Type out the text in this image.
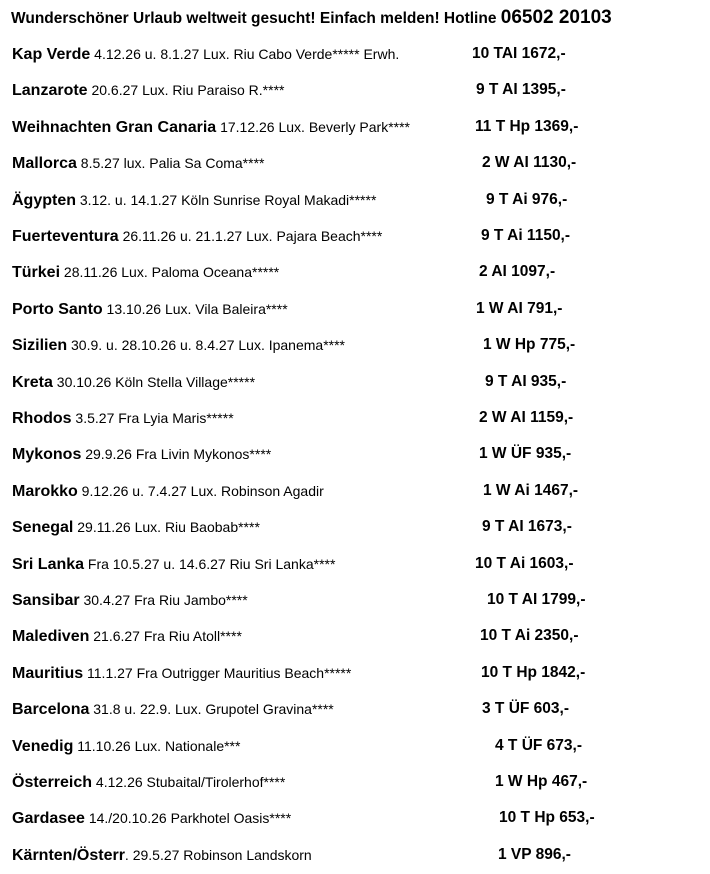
Wunderschöner Urlaub weltweit gesucht! Einfach melden! Hotline 06502 20103
Kap Verde 4.12.26 u. 8.1.27 Lux. Riu Cabo Verde***** Erwh.	10 TAI 1672,-
Lanzarote 20.6.27 Lux. Riu Paraiso R.****	9 T AI 1395,-
Weihnachten Gran Canaria 17.12.26 Lux. Beverly Park****	11 T Hp 1369,-
Mallorca 8.5.27 lux. Palia Sa Coma****	2 W AI 1130,-
Ägypten 3.12. u. 14.1.27 Köln Sunrise Royal Makadi*****	9 T Ai 976,-
Fuerteventura 26.11.26 u. 21.1.27 Lux. Pajara Beach****	9 T Ai 1150,-
Türkei 28.11.26 Lux. Paloma Oceana*****	2 AI 1097,-
Porto Santo 13.10.26 Lux. Vila Baleira****	1 W AI 791,-
Sizilien 30.9. u. 28.10.26 u. 8.4.27 Lux. Ipanema****	1 W Hp 775,-
Kreta 30.10.26 Köln Stella Village*****	9 T AI 935,-
Rhodos 3.5.27 Fra Lyia Maris*****	2 W AI 1159,-
Mykonos 29.9.26 Fra Livin Mykonos****	1 W ÜF 935,-
Marokko 9.12.26 u. 7.4.27 Lux. Robinson Agadir	1 W Ai 1467,-
Senegal 29.11.26 Lux. Riu Baobab****	9 T AI 1673,-
Sri Lanka Fra 10.5.27 u. 14.6.27 Riu Sri Lanka****	10 T Ai 1603,-
Sansibar 30.4.27 Fra Riu Jambo****	10 T AI 1799,-
Malediven 21.6.27 Fra Riu Atoll****	10 T Ai 2350,-
Mauritius 11.1.27 Fra Outrigger Mauritius Beach*****	10 T Hp 1842,-
Barcelona 31.8 u. 22.9. Lux. Grupotel Gravina****	3 T ÜF 603,-
Venedig 11.10.26 Lux. Nationale***	4 T ÜF 673,-
Österreich 4.12.26 Stubaital/Tirolerhof****	1 W Hp 467,-
Gardasee 14./20.10.26 Parkhotel Oasis****	10 T Hp 653,-
Kärnten/Österr. 29.5.27 Robinson Landskorn	1 VP 896,-
